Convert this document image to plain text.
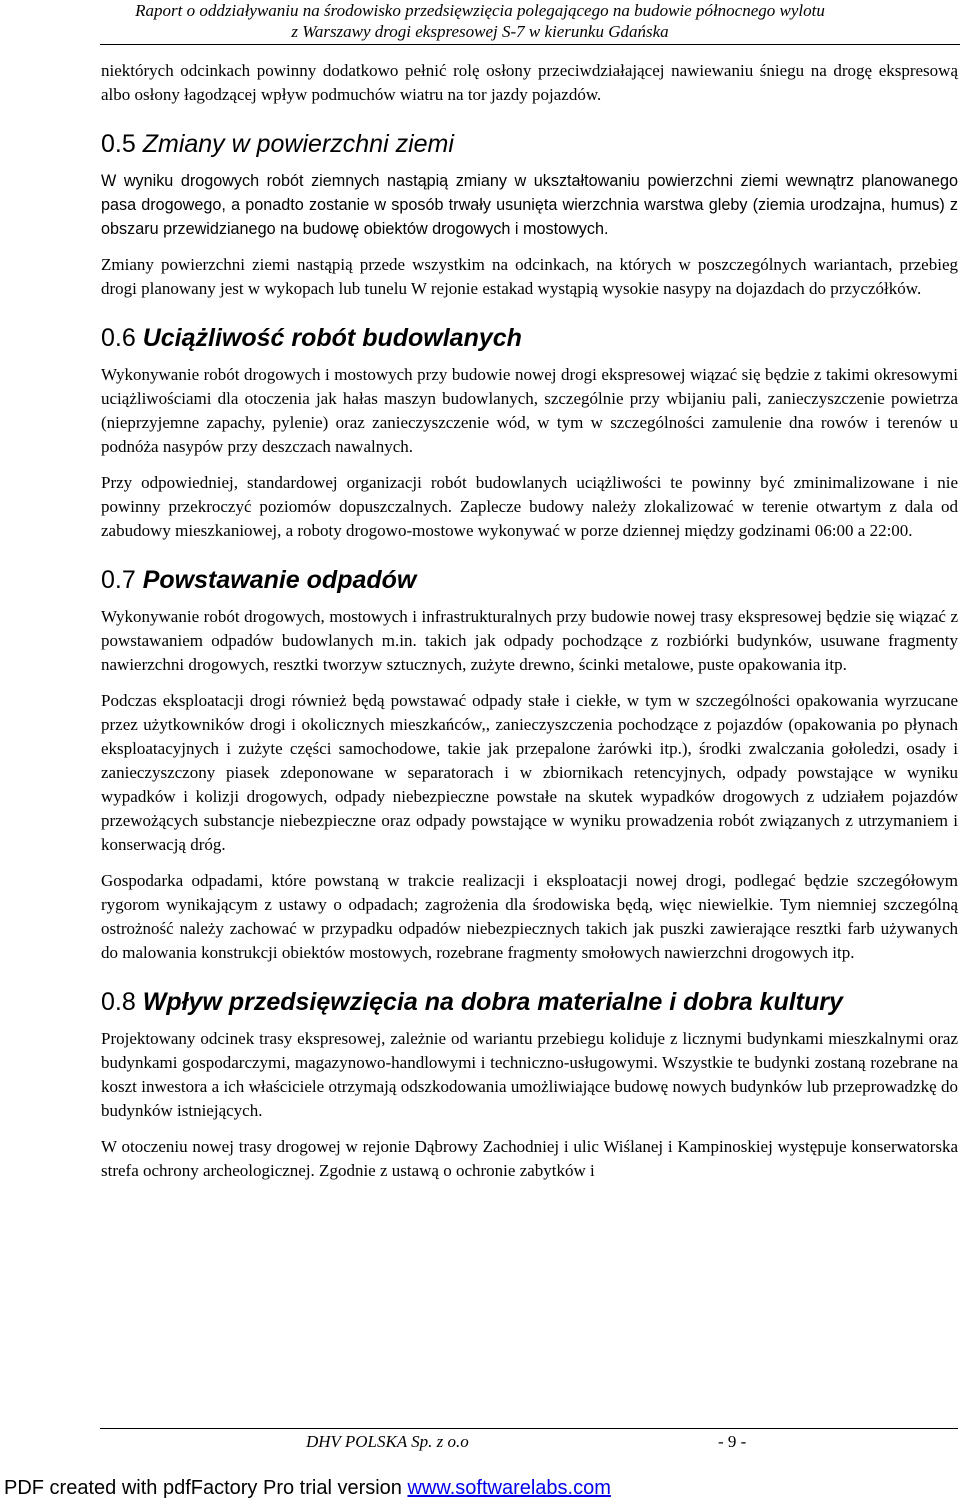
Raport o oddziaływaniu na środowisko przedsięwzięcia polegającego na budowie północnego wylotu
z Warszawy drogi ekspresowej S-7 w kierunku Gdańska

niektórych odcinkach powinny dodatkowo pełnić rolę osłony przeciwdziałającej nawiewaniu śniegu na drogę ekspresową albo osłony łagodzącej wpływ podmuchów wiatru na tor jazdy pojazdów.

0.5 Zmiany w powierzchni ziemi

W wyniku drogowych robót ziemnych nastąpią zmiany w ukształtowaniu powierzchni ziemi wewnątrz planowanego pasa drogowego, a ponadto zostanie w sposób trwały usunięta wierzchnia warstwa gleby (ziemia urodzajna, humus) z obszaru przewidzianego na budowę obiektów drogowych i mostowych.

Zmiany powierzchni ziemi nastąpią przede wszystkim na odcinkach, na których w poszczególnych wariantach, przebieg drogi planowany jest w wykopach lub tunelu W rejonie estakad wystąpią wysokie nasypy na dojazdach do przyczółków.

0.6 Uciążliwość robót budowlanych

Wykonywanie robót drogowych i mostowych przy budowie nowej drogi ekspresowej wiązać się będzie z takimi okresowymi uciążliwościami dla otoczenia jak hałas maszyn budowlanych, szczególnie przy wbijaniu pali, zanieczyszczenie powietrza (nieprzyjemne zapachy, pylenie) oraz zanieczyszczenie wód, w tym w szczególności zamulenie dna rowów i terenów u podnóża nasypów przy deszczach nawalnych.

Przy odpowiedniej, standardowej organizacji robót budowlanych uciążliwości te powinny być zminimalizowane i nie powinny przekroczyć poziomów dopuszczalnych. Zaplecze budowy należy zlokalizować w terenie otwartym z dala od zabudowy mieszkaniowej, a roboty drogowo-mostowe wykonywać w porze dziennej między godzinami 06:00 a 22:00.

0.7 Powstawanie odpadów

Wykonywanie robót drogowych, mostowych i infrastrukturalnych przy budowie nowej trasy ekspresowej będzie się wiązać z powstawaniem odpadów budowlanych m.in. takich jak odpady pochodzące z rozbiórki budynków, usuwane fragmenty nawierzchni drogowych, resztki tworzyw sztucznych, zużyte drewno, ścinki metalowe, puste opakowania itp.

Podczas eksploatacji drogi również będą powstawać odpady stałe i ciekłe, w tym w szczególności opakowania wyrzucane przez użytkowników drogi i okolicznych mieszkańców,, zanieczyszczenia pochodzące z pojazdów (opakowania po płynach eksploatacyjnych i zużyte części samochodowe, takie jak przepalone żarówki itp.), środki zwalczania gołoledzi, osady i zanieczyszczony piasek zdeponowane w separatorach i w zbiornikach retencyjnych, odpady powstające w wyniku wypadków i kolizji drogowych, odpady niebezpieczne powstałe na skutek wypadków drogowych z udziałem pojazdów przewożących substancje niebezpieczne oraz odpady powstające w wyniku prowadzenia robót związanych z utrzymaniem i konserwacją dróg.

Gospodarka odpadami, które powstaną w trakcie realizacji i eksploatacji nowej drogi, podlegać będzie szczegółowym rygorom wynikającym z ustawy o odpadach; zagrożenia dla środowiska będą, więc niewielkie. Tym niemniej szczególną ostrożność należy zachować w przypadku odpadów niebezpiecznych takich jak puszki zawierające resztki farb używanych do malowania konstrukcji obiektów mostowych, rozebrane fragmenty smołowych nawierzchni drogowych itp.

0.8 Wpływ przedsięwzięcia na dobra materialne i dobra kultury

Projektowany odcinek trasy ekspresowej, zależnie od wariantu przebiegu koliduje z licznymi budynkami mieszkalnymi oraz budynkami gospodarczymi, magazynowo-handlowymi i techniczno-usługowymi. Wszystkie te budynki zostaną rozebrane na koszt inwestora a ich właściciele otrzymają odszkodowania umożliwiające budowę nowych budynków lub przeprowadzkę do budynków istniejących.

W otoczeniu nowej trasy drogowej w rejonie Dąbrowy Zachodniej i ulic Wiślanej i Kampinoskiej występuje konserwatorska strefa ochrony archeologicznej. Zgodnie z ustawą o ochronie zabytków i

DHV POLSKA Sp. z o.o	- 9 -
PDF created with pdfFactory Pro trial version www.softwarelabs.com
